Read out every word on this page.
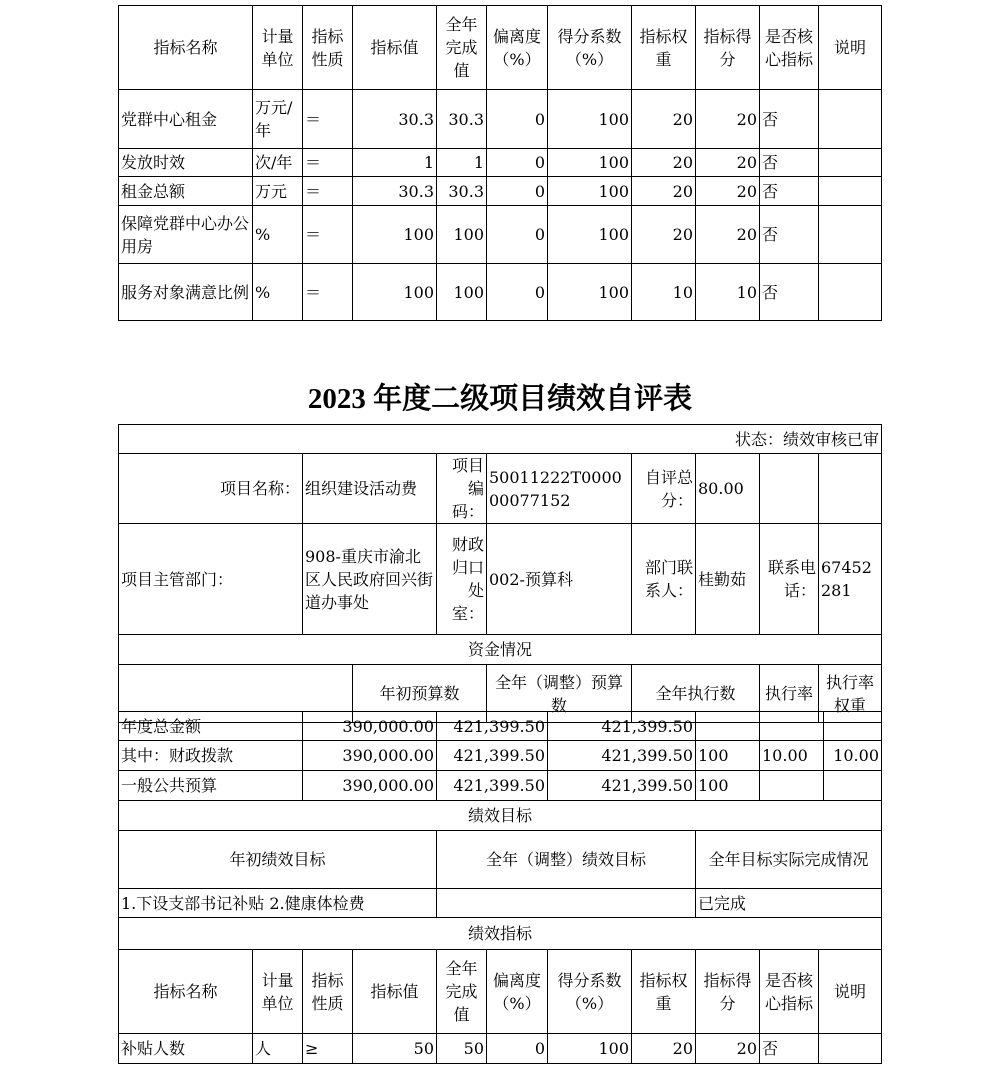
指标名称	计量单位	指标性质	指标值	全年完成值	偏离度（%）	得分系数（%）	指标权重	指标得分	是否核心指标	说明
党群中心租金	万元/年	＝	30.3	30.3	0	100	20	20	否	
发放时效	次/年	＝	1	1	0	100	20	20	否	
租金总额	万元	＝	30.3	30.3	0	100	20	20	否	
保障党群中心办公用房	%	＝	100	100	0	100	20	20	否	
服务对象满意比例	%	＝	100	100	0	100	10	10	否	
2023 年度二级项目绩效自评表
状态：绩效审核已审								
项目名称：	组织建设活动费		项目编码：	50011222T000000077152	自评总分：	80.00		
项目主管部门：	908-重庆市渝北区人民政府回兴街道办事处		财政归口处室：	002-预算科	部门联系人：	桂勤茹	联系电话：	67452281
资金情况								
		年初预算数		全年（调整）预算数	全年执行数		执行率	执行率权重
年度总金额	390,000.00	421,399.50	421,399.50			
其中：财政拨款	390,000.00	421,399.50	421,399.50	100	10.00	10.00
一般公共预算	390,000.00	421,399.50	421,399.50	100		
绩效目标		
年初绩效目标	全年（调整）绩效目标	全年目标实际完成情况
1.下设支部书记补贴 2.健康体检费		已完成
绩效指标										
指标名称	计量单位	指标性质	指标值	全年完成值	偏离度（%）	得分系数（%）	指标权重	指标得分	是否核心指标	说明
补贴人数	人	≥	50	50	0	100	20	20	否	
